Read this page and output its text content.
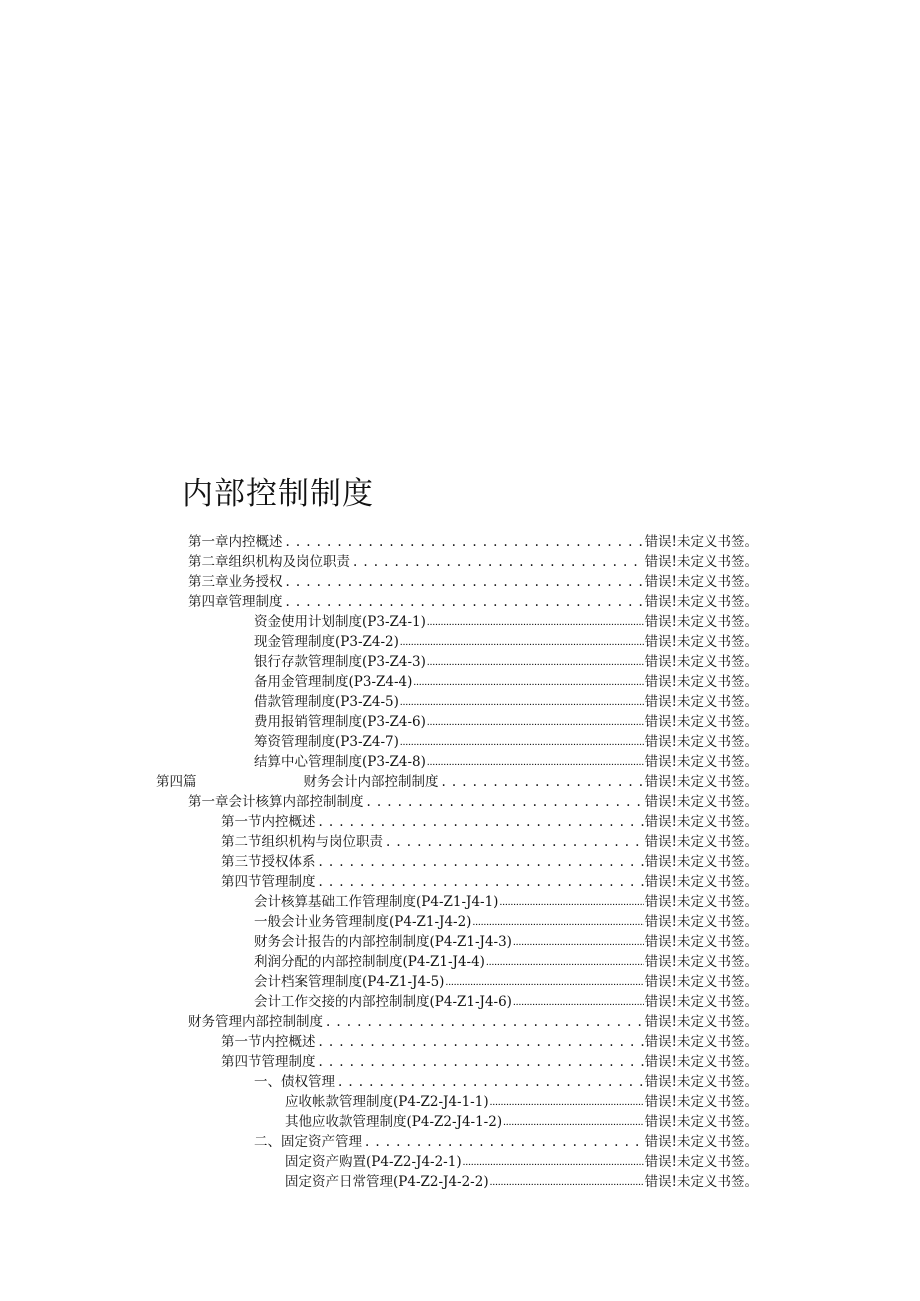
内部控制制度
第一章内控概述 . . .	错误!未定义书签。
第二章组织机构及岗位职责 . . .	错误!未定义书签。
第三章业务授权 . . .	错误!未定义书签。
第四章管理制度 . . .	错误!未定义书签。
资金使用计划制度(P3-Z4-1) .....	错误!未定义书签。
现金管理制度(P3-Z4-2) .....	错误!未定义书签。
银行存款管理制度(P3-Z4-3) .....	错误!未定义书签。
备用金管理制度(P3-Z4-4) .....	错误!未定义书签。
借款管理制度(P3-Z4-5) .....	错误!未定义书签。
费用报销管理制度(P3-Z4-6) .....	错误!未定义书签。
筹资管理制度(P3-Z4-7) .....	错误!未定义书签。
结算中心管理制度(P3-Z4-8) .....	错误!未定义书签。
第四篇	财务会计内部控制制度 . . .	错误!未定义书签。
第一章会计核算内部控制制度 . . .	错误!未定义书签。
第一节内控概述 . . .	错误!未定义书签。
第二节组织机构与岗位职责 . . .	错误!未定义书签。
第三节授权体系 . . .	错误!未定义书签。
第四节管理制度 . . .	错误!未定义书签。
会计核算基础工作管理制度(P4-Z1-J4-1) .....	错误!未定义书签。
一般会计业务管理制度(P4-Z1-J4-2) .....	错误!未定义书签。
财务会计报告的内部控制制度(P4-Z1-J4-3) .....	错误!未定义书签。
利润分配的内部控制制度(P4-Z1-J4-4) .....	错误!未定义书签。
会计档案管理制度(P4-Z1-J4-5) .....	错误!未定义书签。
会计工作交接的内部控制制度(P4-Z1-J4-6) .....	错误!未定义书签。
财务管理内部控制制度 . . .	错误!未定义书签。
第一节内控概述 . . .	错误!未定义书签。
第四节管理制度 . . .	错误!未定义书签。
一、债权管理 . . .	错误!未定义书签。
应收帐款管理制度(P4-Z2-J4-1-1) .....	错误!未定义书签。
其他应收款管理制度(P4-Z2-J4-1-2) .....	错误!未定义书签。
二、固定资产管理 . . .	错误!未定义书签。
固定资产购置(P4-Z2-J4-2-1) .....	错误!未定义书签。
固定资产日常管理(P4-Z2-J4-2-2) .....	错误!未定义书签。
